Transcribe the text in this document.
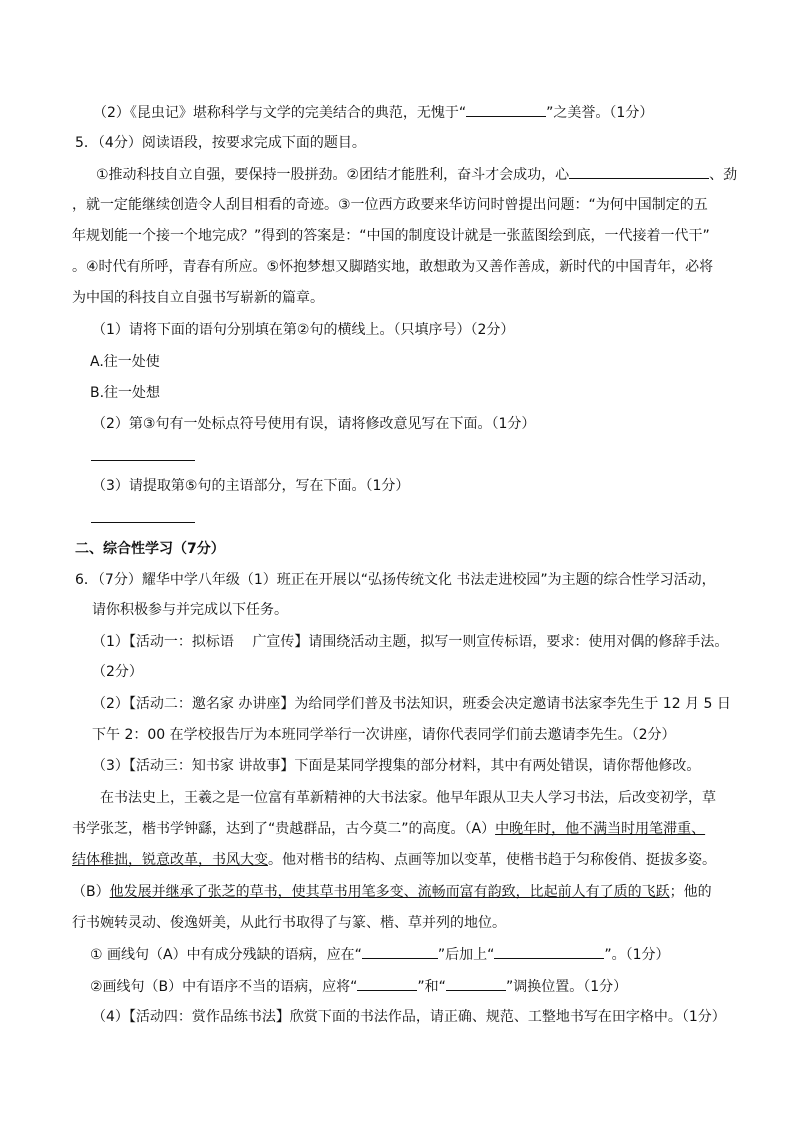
（2）《昆虫记》堪称科学与文学的完美结合的典范，无愧于“	”之美誉。（1分）
5．（4分）阅读语段，按要求完成下面的题目。
①推动科技自立自强，要保持一股拼劲。②团结才能胜利，奋斗才会成功，心	、劲
，就一定能继续创造令人刮目相看的奇迹。③一位西方政要来华访问时曾提出问题：“为何中国制定的五
年规划能一个接一个地完成？”得到的答案是：“中国的制度设计就是一张蓝图绘到底，一代接着一代干”
。④时代有所呼，青春有所应。⑤怀抱梦想又脚踏实地，敢想敢为又善作善成，新时代的中国青年，必将
为中国的科技自立自强书写崭新的篇章。
（1）请将下面的语句分别填在第②句的横线上。（只填序号）（2分）
A.往一处使
B.往一处想
（2）第③句有一处标点符号使用有误，请将修改意见写在下面。（1分）
（3）请提取第⑤句的主语部分，写在下面。（1分）
二、综合性学习（7分）
6．（7分）耀华中学八年级（1）班正在开展以“弘扬传统文化 书法走进校园”为主题的综合性学习活动，
请你积极参与并完成以下任务。
（1）【活动一：拟标语　 广宣传】请围绕活动主题，拟写一则宣传标语，要求：使用对偶的修辞手法。
（2分）
（2）【活动二：邀名家 办讲座】为给同学们普及书法知识，班委会决定邀请书法家李先生于 12 月 5 日
下午 2：00 在学校报告厅为本班同学举行一次讲座，请你代表同学们前去邀请李先生。（2分）
（3）【活动三：知书家 讲故事】下面是某同学搜集的部分材料，其中有两处错误，请你帮他修改。
在书法史上，王羲之是一位富有革新精神的大书法家。他早年跟从卫夫人学习书法，后改变初学，草
书学张芝，楷书学钟繇，达到了“贵越群品，古今莫二”的高度。（A）中晚年时，他不满当时用笔滞重、
结体稚拙，锐意改革，书风大变。他对楷书的结构、点画等加以变革，使楷书趋于匀称俊俏、挺拔多姿。
（B）他发展并继承了张芝的草书，使其草书用笔多变、流畅而富有韵致，比起前人有了质的飞跃；他的
行书婉转灵动、俊逸妍美，从此行书取得了与篆、楷、草并列的地位。
① 画线句（A）中有成分残缺的语病，应在“	”后加上“	”。（1分）
②画线句（B）中有语序不当的语病，应将“	”和“	”调换位置。（1分）
（4）【活动四：赏作品练书法】欣赏下面的书法作品，请正确、规范、工整地书写在田字格中。（1分）
